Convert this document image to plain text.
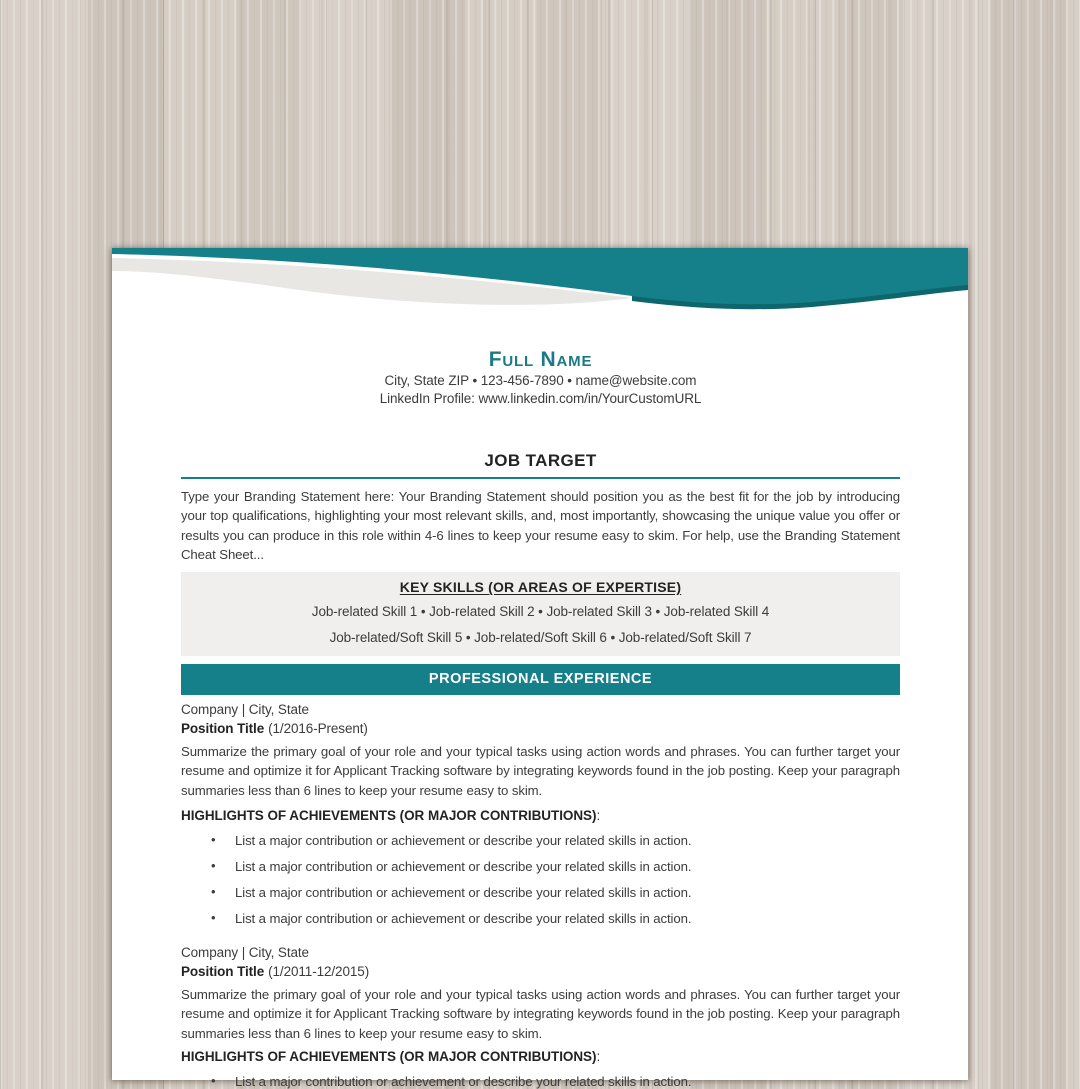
Full Name
City, State ZIP • 123-456-7890 • name@website.com
LinkedIn Profile: www.linkedin.com/in/YourCustomURL
JOB TARGET
Type your Branding Statement here: Your Branding Statement should position you as the best fit for the job by introducing your top qualifications, highlighting your most relevant skills, and, most importantly, showcasing the unique value you offer or results you can produce in this role within 4-6 lines to keep your resume easy to skim. For help, use the Branding Statement Cheat Sheet...
KEY SKILLS (OR AREAS OF EXPERTISE)
Job-related Skill 1 • Job-related Skill 2 • Job-related Skill 3 • Job-related Skill 4
Job-related/Soft Skill 5 • Job-related/Soft Skill 6 • Job-related/Soft Skill 7
PROFESSIONAL EXPERIENCE
Company | City, State
Position Title (1/2016-Present)
Summarize the primary goal of your role and your typical tasks using action words and phrases. You can further target your resume and optimize it for Applicant Tracking software by integrating keywords found in the job posting. Keep your paragraph summaries less than 6 lines to keep your resume easy to skim.
HIGHLIGHTS OF ACHIEVEMENTS (OR MAJOR CONTRIBUTIONS):
• List a major contribution or achievement or describe your related skills in action.
• List a major contribution or achievement or describe your related skills in action.
• List a major contribution or achievement or describe your related skills in action.
• List a major contribution or achievement or describe your related skills in action.
Company | City, State
Position Title (1/2011-12/2015)
Summarize the primary goal of your role and your typical tasks using action words and phrases. You can further target your resume and optimize it for Applicant Tracking software by integrating keywords found in the job posting. Keep your paragraph summaries less than 6 lines to keep your resume easy to skim.
HIGHLIGHTS OF ACHIEVEMENTS (OR MAJOR CONTRIBUTIONS):
• List a major contribution or achievement or describe your related skills in action.
